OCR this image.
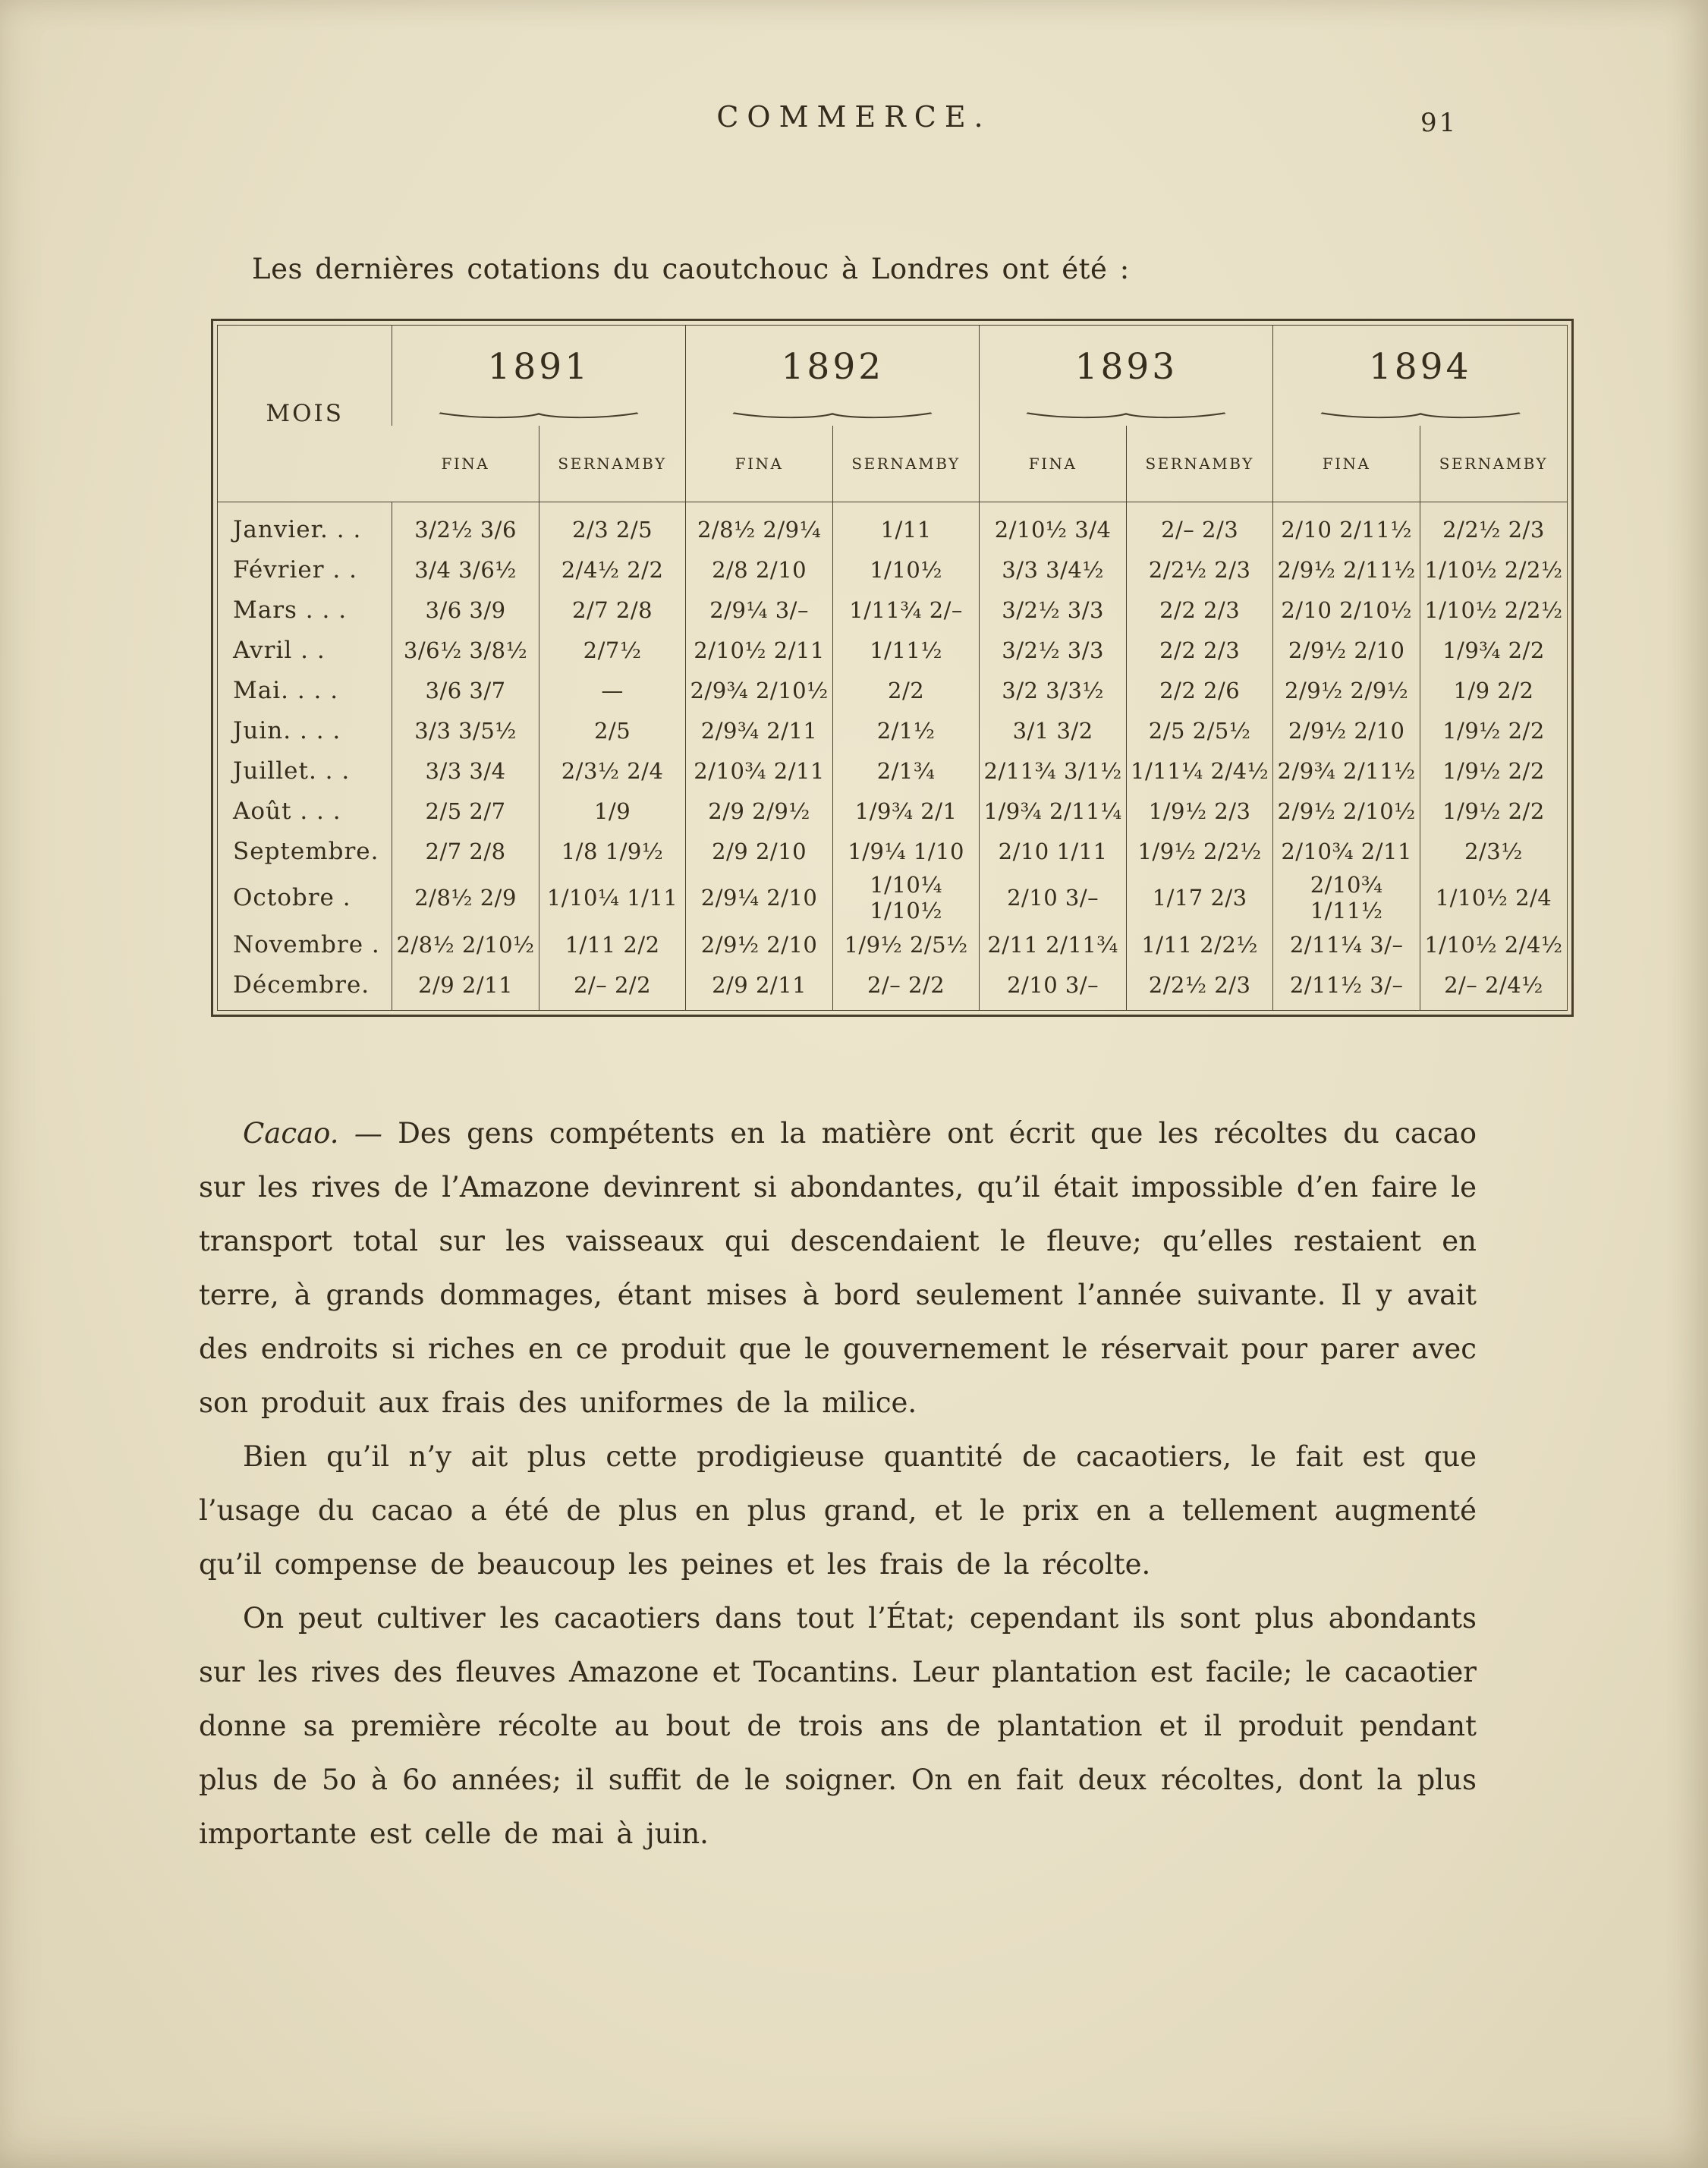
COMMERCE.	91

Les dernières cotations du caoutchouc à Londres ont été :

MOIS	1891		1892		1893		1894	

	FINA	SERNAMBY	FINA	SERNAMBY	FINA	SERNAMBY	FINA	SERNAMBY
Janvier. . .	3/2½ 3/6	2/3 2/5	2/8½ 2/9¼	1/11	2/10½ 3/4	2/– 2/3	2/10 2/11½	2/2½ 2/3
Février . .	3/4 3/6½	2/4½ 2/2	2/8 2/10	1/10½	3/3 3/4½	2/2½ 2/3	2/9½ 2/11½	1/10½ 2/2½
Mars . . .	3/6 3/9	2/7 2/8	2/9¼ 3/–	1/11¾ 2/–	3/2½ 3/3	2/2 2/3	2/10 2/10½	1/10½ 2/2½
Avril . .	3/6½ 3/8½	2/7½	2/10½ 2/11	1/11½	3/2½ 3/3	2/2 2/3	2/9½ 2/10	1/9¾ 2/2
Mai. . . .	3/6 3/7	—	2/9¾ 2/10½	2/2	3/2 3/3½	2/2 2/6	2/9½ 2/9½	1/9 2/2
Juin. . . .	3/3 3/5½	2/5	2/9¾ 2/11	2/1½	3/1 3/2	2/5 2/5½	2/9½ 2/10	1/9½ 2/2
Juillet. . .	3/3 3/4	2/3½ 2/4	2/10¾ 2/11	2/1¾	2/11¾ 3/1½	1/11¼ 2/4½	2/9¾ 2/11½	1/9½ 2/2
Août . . .	2/5 2/7	1/9	2/9 2/9½	1/9¾ 2/1	1/9¾ 2/11¼	1/9½ 2/3	2/9½ 2/10½	1/9½ 2/2
Septembre.	2/7 2/8	1/8 1/9½	2/9 2/10	1/9¼ 1/10	2/10 1/11	1/9½ 2/2½	2/10¾ 2/11	2/3½
Octobre .	2/8½ 2/9	1/10¼ 1/11	2/9¼ 2/10	1/10¼ 1/10½	2/10 3/–	1/17 2/3	2/10¾ 1/11½	1/10½ 2/4
Novembre .	2/8½ 2/10½	1/11 2/2	2/9½ 2/10	1/9½ 2/5½	2/11 2/11¾	1/11 2/2½	2/11¼ 3/–	1/10½ 2/4½
Décembre.	2/9 2/11	2/– 2/2	2/9 2/11	2/– 2/2	2/10 3/–	2/2½ 2/3	2/11½ 3/–	2/– 2/4½

Cacao. — Des gens compétents en la matière ont écrit que les récoltes du cacao sur les rives de l’Amazone devinrent si abondantes, qu’il était impossible d’en faire le transport total sur les vaisseaux qui descendaient le fleuve; qu’elles restaient en terre, à grands dommages, étant mises à bord seulement l’année suivante. Il y avait des endroits si riches en ce produit que le gouvernement le réservait pour parer avec son produit aux frais des uniformes de la milice.

Bien qu’il n’y ait plus cette prodigieuse quantité de cacaotiers, le fait est que l’usage du cacao a été de plus en plus grand, et le prix en a tellement augmenté qu’il compense de beaucoup les peines et les frais de la récolte.

On peut cultiver les cacaotiers dans tout l’État; cependant ils sont plus abondants sur les rives des fleuves Amazone et Tocantins. Leur plantation est facile; le cacaotier donne sa première récolte au bout de trois ans de plantation et il produit pendant plus de 5o à 6o années; il suffit de le soigner. On en fait deux récoltes, dont la plus importante est celle de mai à juin.
